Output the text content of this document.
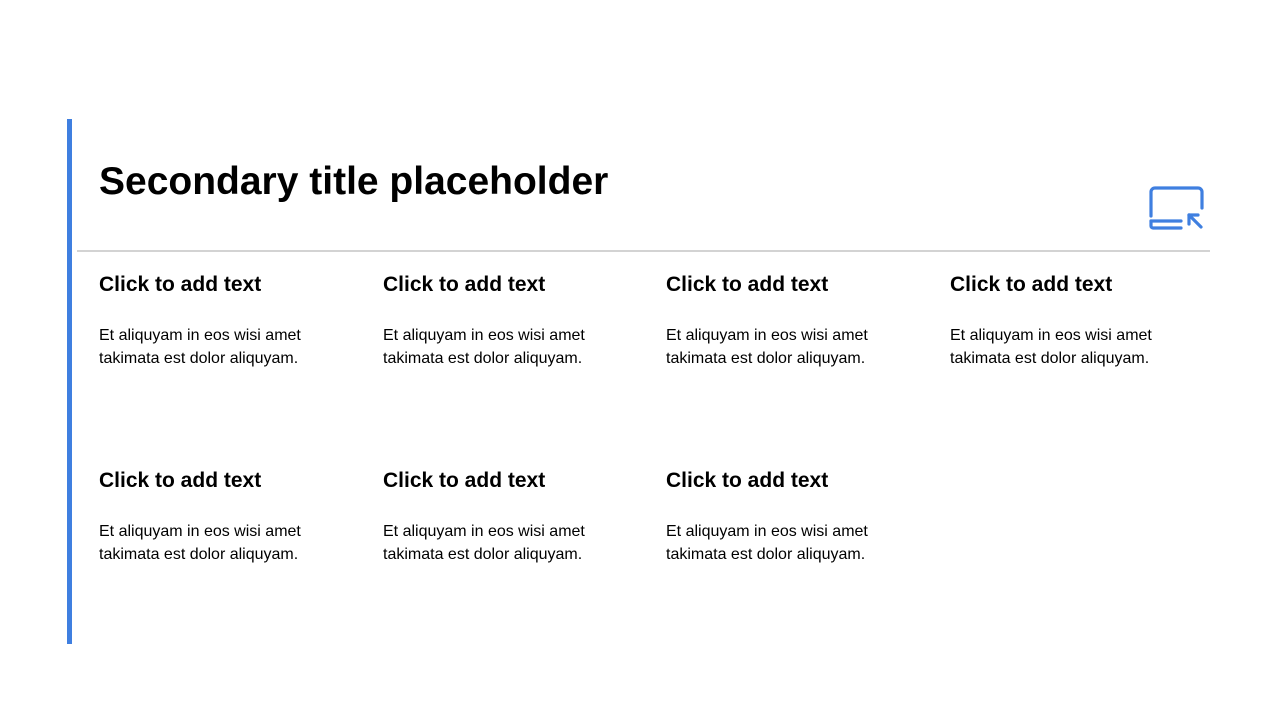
Secondary title placeholder
Click to add text

Et aliquyam in eos wisi amet takimata est dolor aliquyam.

Click to add text

Et aliquyam in eos wisi amet takimata est dolor aliquyam.

Click to add text

Et aliquyam in eos wisi amet takimata est dolor aliquyam.

Click to add text

Et aliquyam in eos wisi amet takimata est dolor aliquyam.

Click to add text

Et aliquyam in eos wisi amet takimata est dolor aliquyam.

Click to add text

Et aliquyam in eos wisi amet takimata est dolor aliquyam.

Click to add text

Et aliquyam in eos wisi amet takimata est dolor aliquyam.
